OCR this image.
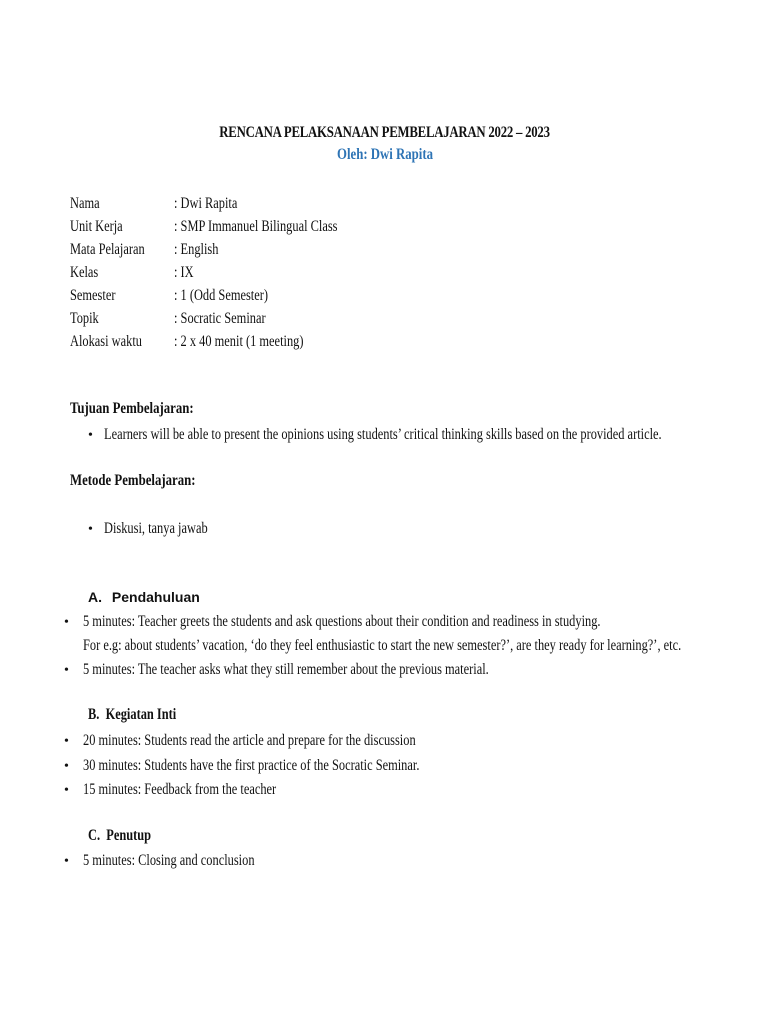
RENCANA PELAKSANAAN PEMBELAJARAN 2022 – 2023
Oleh: Dwi Rapita
Nama	: Dwi Rapita
Unit Kerja	: SMP Immanuel Bilingual Class
Mata Pelajaran : English
Kelas	: IX
Semester	: 1 (Odd Semester)
Topik	: Socratic Seminar
Alokasi waktu : 2 x 40 menit (1 meeting)
Tujuan Pembelajaran:
• Learners will be able to present the opinions using students’ critical thinking skills based on the provided article.
Metode Pembelajaran:
• Diskusi, tanya jawab
A. Pendahuluan
• 5 minutes: Teacher greets the students and ask questions about their condition and readiness in studying.
For e.g: about students’ vacation, ‘do they feel enthusiastic to start the new semester?’, are they ready for learning?’, etc.
• 5 minutes: The teacher asks what they still remember about the previous material.
B. Kegiatan Inti
• 20 minutes: Students read the article and prepare for the discussion
• 30 minutes: Students have the first practice of the Socratic Seminar.
• 15 minutes: Feedback from the teacher
C. Penutup
• 5 minutes: Closing and conclusion
